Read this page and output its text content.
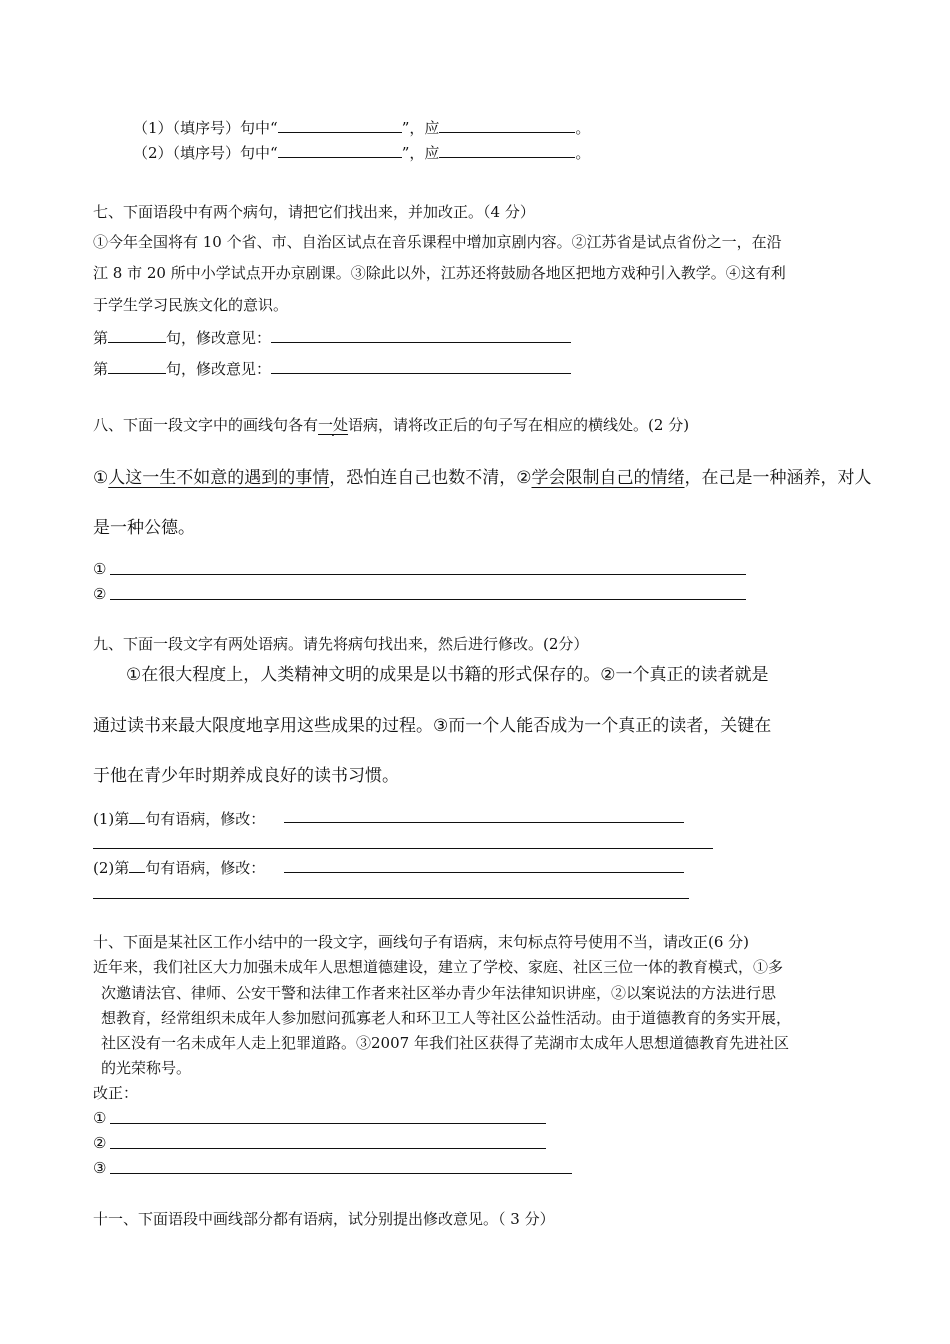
（1）（填序号）句中“	”，应	。
（2）（填序号）句中“	”，应	。
七、下面语段中有两个病句，请把它们找出来，并加改正。（4 分）
①今年全国将有 10 个省、市、自治区试点在音乐课程中增加京剧内容。②江苏省是试点省份之一，在沿
江 8 市 20 所中小学试点开办京剧课。③除此以外，江苏还将鼓励各地区把地方戏种引入教学。④这有利
于学生学习民族文化的意识。
第	句，修改意见：
第	句，修改意见：
八、下面一段文字中的画线句各有一处语病，请将改正后的句子写在相应的横线处。(2 分)
①人这一生不如意的遇到的事情，恐怕连自己也数不清，②学会限制自己的情绪，在己是一种涵养，对人
是一种公德。
①
②
九、下面一段文字有两处语病。请先将病句找出来，然后进行修改。(2分）
①在很大程度上，人类精神文明的成果是以书籍的形式保存的。②一个真正的读者就是
通过读书来最大限度地享用这些成果的过程。③而一个人能否成为一个真正的读者，关键在
于他在青少年时期养成良好的读书习惯。
(1)第 句有语病，修改：
(2)第 句有语病，修改：
十、下面是某社区工作小结中的一段文字，画线句子有语病，末句标点符号使用不当，请改正(6 分)
近年来，我们社区大力加强未成年人思想道德建设，建立了学校、家庭、社区三位一体的教育模式，①多
次邀请法官、律师、公安干警和法律工作者来社区举办青少年法律知识讲座，②以案说法的方法进行思
想教育，经常组织未成年人参加慰问孤寡老人和环卫工人等社区公益性活动。由于道德教育的务实开展，
社区没有一名未成年人走上犯罪道路。③2007 年我们社区获得了芜湖市太成年人思想道德教育先进社区
的光荣称号。
改正：
①
②
③
十一、下面语段中画线部分都有语病，试分别提出修改意见。（ 3 分）
